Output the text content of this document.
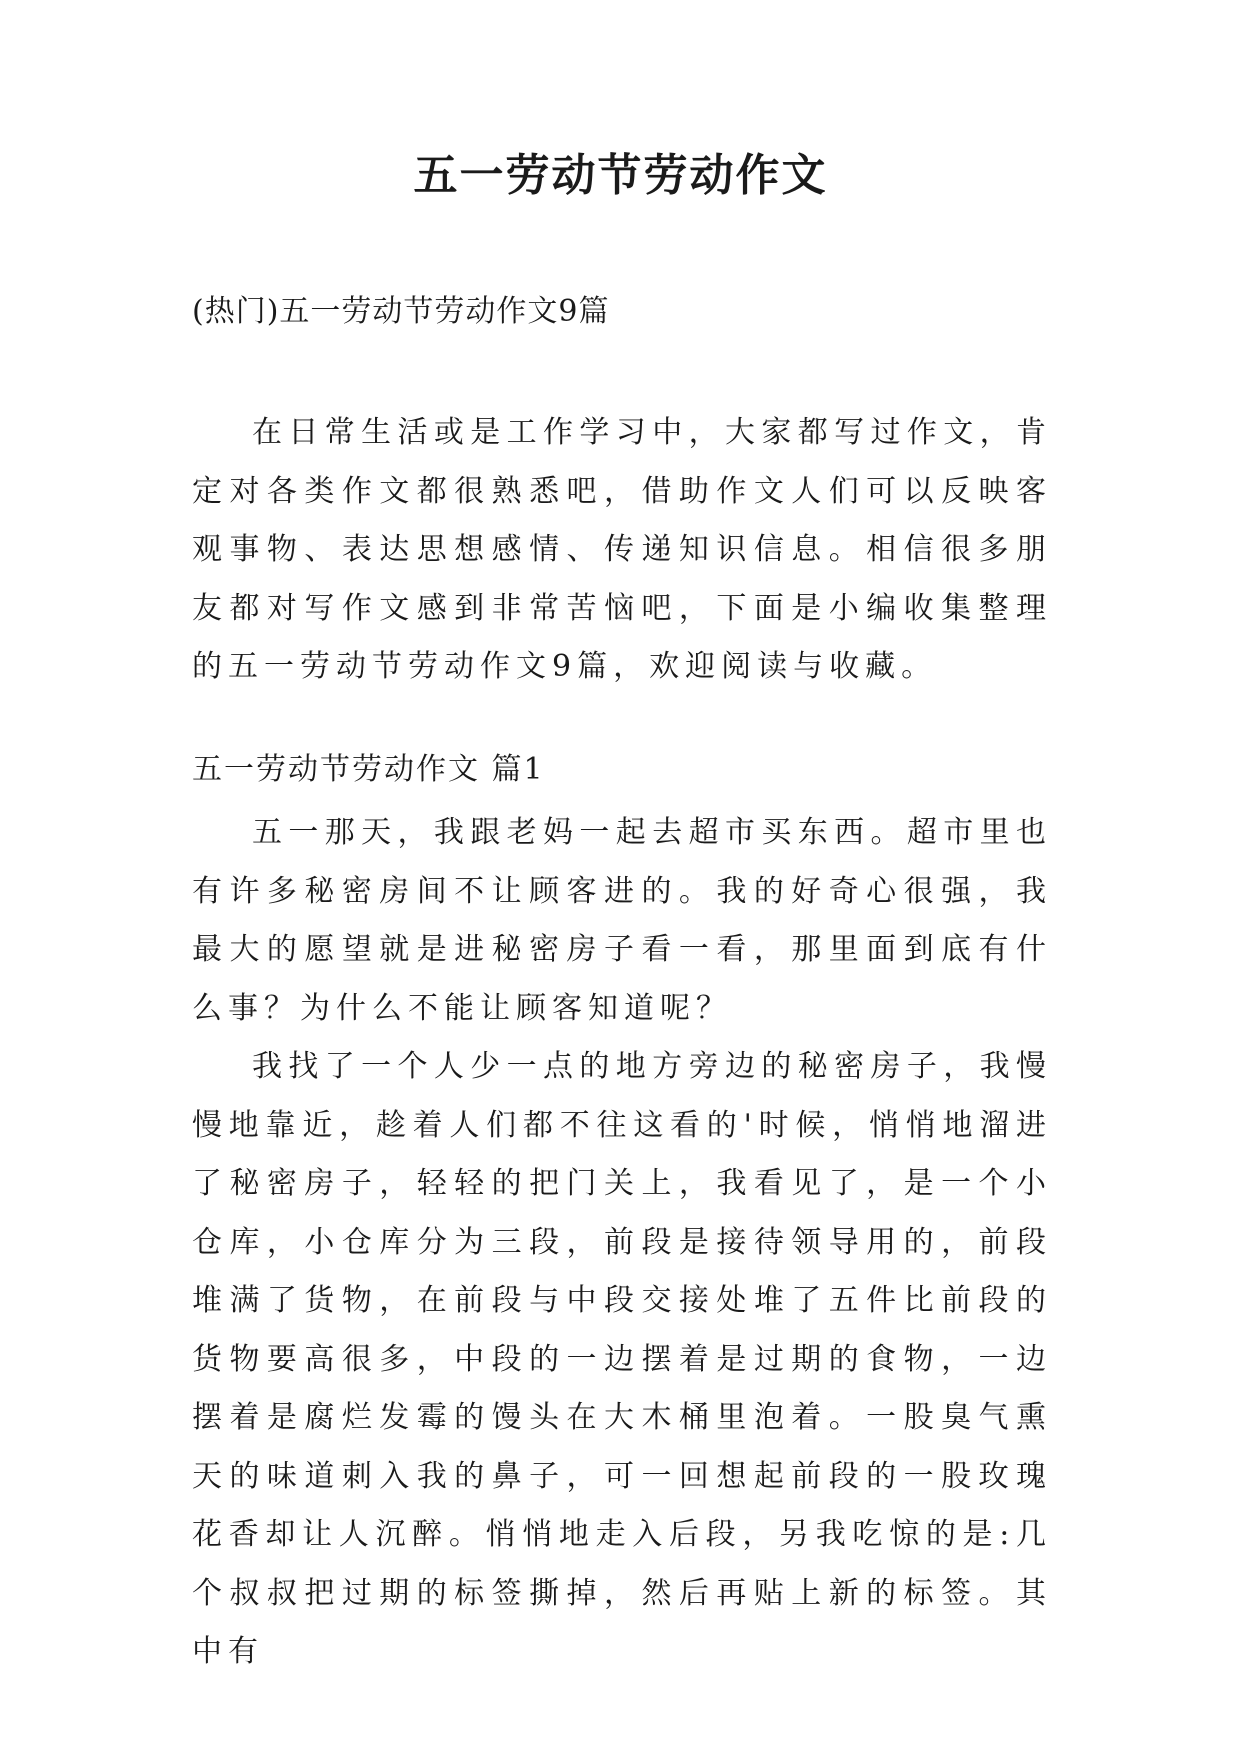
五一劳动节劳动作文

(热门)五一劳动节劳动作文9篇

在日常生活或是工作学习中，大家都写过作文，肯定对各类作文都很熟悉吧，借助作文人们可以反映客观事物、表达思想感情、传递知识信息。相信很多朋友都对写作文感到非常苦恼吧，下面是小编收集整理的五一劳动节劳动作文9篇，欢迎阅读与收藏。

五一劳动节劳动作文 篇1

五一那天，我跟老妈一起去超市买东西。超市里也有许多秘密房间不让顾客进的。我的好奇心很强，我最大的愿望就是进秘密房子看一看，那里面到底有什么事？为什么不能让顾客知道呢？

我找了一个人少一点的地方旁边的秘密房子，我慢慢地靠近，趁着人们都不往这看的'时候，悄悄地溜进了秘密房子，轻轻的把门关上，我看见了，是一个小仓库，小仓库分为三段，前段是接待领导用的，前段堆满了货物，在前段与中段交接处堆了五件比前段的货物要高很多，中段的一边摆着是过期的食物，一边摆着是腐烂发霉的馒头在大木桶里泡着。一股臭气熏天的味道刺入我的鼻子，可一回想起前段的一股玫瑰花香却让人沉醉。悄悄地走入后段，另我吃惊的是:几个叔叔把过期的标签撕掉，然后再贴上新的标签。其中有
